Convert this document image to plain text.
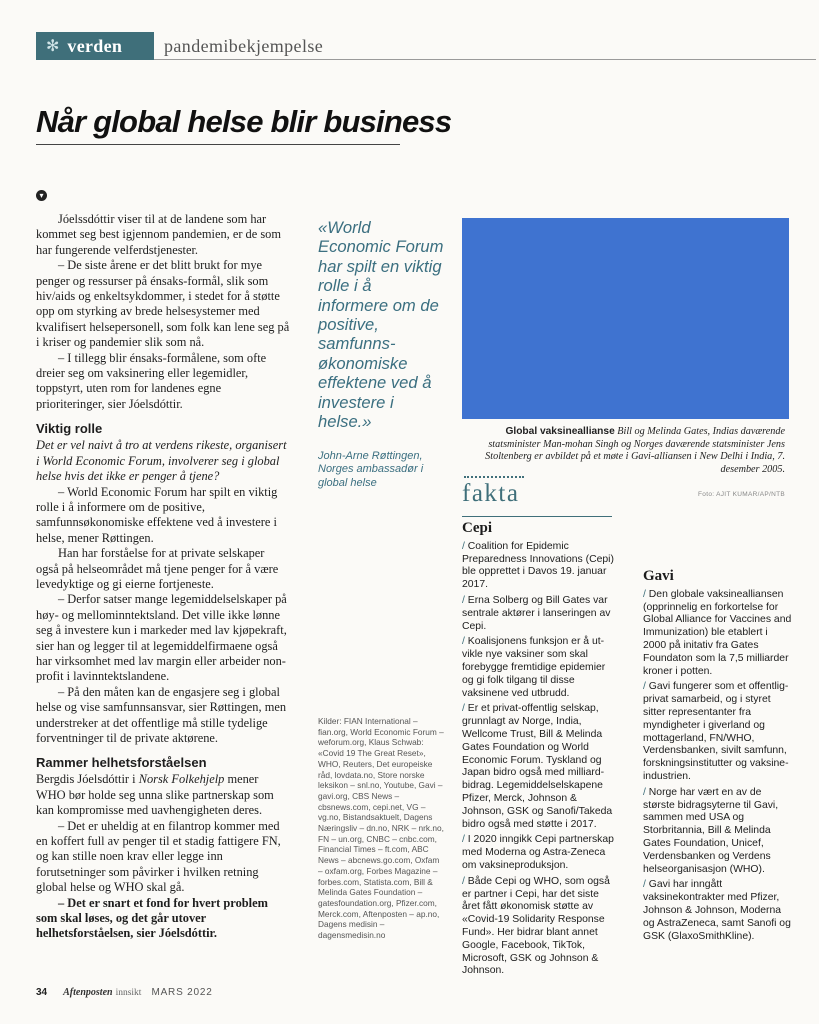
✻ verden pandemibekjempelse
Når global helse blir business
▾

Jóelssdóttir viser til at de landene som har kommet seg best igjennom pandemien, er de som har fungerende velferdstjenester.

– De siste årene er det blitt brukt for mye penger og ressurser på énsaks-formål, slik som hiv/aids og enkeltsykdommer, i stedet for å støtte opp om styrking av brede helsesystemer med kvalifisert helsepersonell, som folk kan lene seg på i kriser og pandemier slik som nå.

– I tillegg blir énsaks-formålene, som ofte dreier seg om vaksinering eller legemidler, toppstyrt, uten rom for landenes egne prioriteringer, sier Jóelsdóttir.

Viktig rolle

Det er vel naivt å tro at verdens rikeste, organisert i World Economic Forum, involverer seg i global helse hvis det ikke er penger å tjene?

– World Economic Forum har spilt en viktig rolle i å informere om de positive, samfunnsøkonomiske effektene ved å investere i helse, mener Røttingen.

Han har forståelse for at private selskaper også på helseområdet må tjene penger for å være levedyktige og gi eierne fortjeneste.

– Derfor satser mange legemiddelselskaper på høy- og mellominntektsland. Det ville ikke lønne seg å investere kun i markeder med lav kjøpekraft, sier han og legger til at legemiddelfirmaene også har virksomhet med lav margin eller arbeider non-profit i lavinntektslandene.

– På den måten kan de engasjere seg i global helse og vise samfunnsansvar, sier Røttingen, men understreker at det offentlige må stille tydelige forventninger til de private aktørene.

Rammer helhetsforståelsen

Bergdis Jóelsdóttir i Norsk Folkehjelp mener WHO bør holde seg unna slike partnerskap som kan kompromisse med uavhengigheten deres.

– Det er uheldig at en filantrop kommer med en koffert full av penger til et stadig fattigere FN, og kan stille noen krav eller legge inn forutsetninger som påvirker i hvilken retning global helse og WHO skal gå.

– Det er snart et fond for hvert problem som skal løses, og det går utover helhetsforståelsen, sier Jóelsdóttir.

«World Economic Forum har spilt en viktig rolle i å informere om de positive, samfunns-økonomiske effektene ved å investere i helse.»
John-Arne Røttingen, Norges ambassadør i global helse
Global vaksineallianse Bill og Melinda Gates, Indias daværende statsminister Man-mohan Singh og Norges daværende statsminister Jens Stoltenberg er avbildet på et møte i Gavi-alliansen i New Delhi i India, 7. desember 2005.
Foto: AJIT KUMAR/AP/NTB
fakta
Cepi
/ Coalition for Epidemic Preparedness Innovations (Cepi) ble opprettet i Davos 19. januar 2017.
/ Erna Solberg og Bill Gates var sentrale aktører i lanseringen av Cepi.
/ Koalisjonens funksjon er å ut-vikle nye vaksiner som skal forebygge fremtidige epidemier og gi folk tilgang til disse vaksinene ved utbrudd.
/ Er et privat-offentlig selskap, grunnlagt av Norge, India, Wellcome Trust, Bill & Melinda Gates Foundation og World Economic Forum. Tyskland og Japan bidro også med milliard-bidrag. Legemiddelselskapene Pfizer, Merck, Johnson & Johnson, GSK og Sanofi/Takeda bidro også med støtte i 2017.
/ I 2020 inngikk Cepi partnerskap med Moderna og Astra-Zeneca om vaksineproduksjon.
/ Både Cepi og WHO, som også er partner i Cepi, har det siste året fått økonomisk støtte av «Covid-19 Solidarity Response Fund». Her bidrar blant annet Google, Facebook, TikTok, Microsoft, GSK og Johnson & Johnson.
Gavi
/ Den globale vaksinealliansen (opprinnelig en forkortelse for Global Alliance for Vaccines and Immunization) ble etablert i 2000 på initativ fra Gates Foundaton som la 7,5 milliarder kroner i potten.
/ Gavi fungerer som et offentlig-privat samarbeid, og i styret sitter representanter fra myndigheter i giverland og mottagerland, FN/WHO, Verdensbanken, sivilt samfunn, forskningsinstitutter og vaksine-industrien.
/ Norge har vært en av de største bidragsyterne til Gavi, sammen med USA og Storbritannia, Bill & Melinda Gates Foundation, Unicef, Verdensbanken og Verdens helseorganisasjon (WHO).
/ Gavi har inngått vaksinekontrakter med Pfizer, Johnson & Johnson, Moderna og AstraZeneca, samt Sanofi og GSK (GlaxoSmithKline).
Kilder: FIAN International – fian.org, World Economic Forum – weforum.org, Klaus Schwab: «Covid 19 The Great Reset», WHO, Reuters, Det europeiske råd, lovdata.no, Store norske leksikon – snl.no, Youtube, Gavi – gavi.org, CBS News – cbsnews.com, cepi.net, VG – vg.no, Bistandsaktuelt, Dagens Næringsliv – dn.no, NRK – nrk.no, FN – un.org, CNBC – cnbc.com, Financial Times – ft.com, ABC News – abcnews.go.com, Oxfam – oxfam.org, Forbes Magazine – forbes.com, Statista.com, Bill & Melinda Gates Foundation – gatesfoundation.org, Pfizer.com, Merck.com, Aftenposten – ap.no, Dagens medisin – dagensmedisin.no
34 Aftenposten innsikt MARS 2022
